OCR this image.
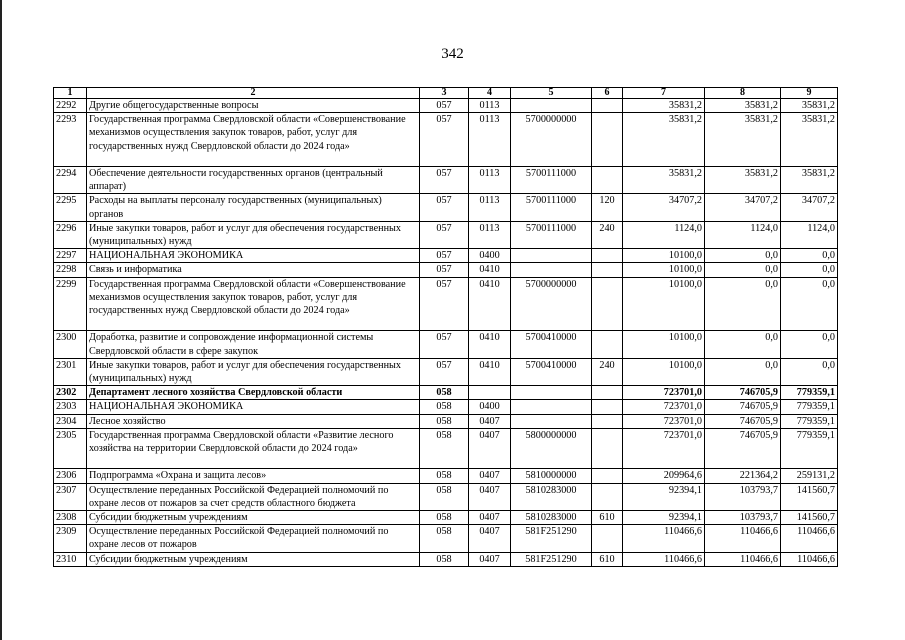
342
1	2	3	4	5	6	7	8	9
2292	Другие общегосударственные вопросы	057	0113			35831,2	35831,2	35831,2
2293	Государственная программа Свердловской области «Совершенствование механизмов осуществления закупок товаров, работ, услуг для государственных нужд Свердловской области до 2024 года»	057	0113	5700000000		35831,2	35831,2	35831,2
2294	Обеспечение деятельности государственных органов (центральный аппарат)	057	0113	5700111000		35831,2	35831,2	35831,2
2295	Расходы на выплаты персоналу государственных (муниципальных) органов	057	0113	5700111000	120	34707,2	34707,2	34707,2
2296	Иные закупки товаров, работ и услуг для обеспечения государственных (муниципальных) нужд	057	0113	5700111000	240	1124,0	1124,0	1124,0
2297	НАЦИОНАЛЬНАЯ ЭКОНОМИКА	057	0400			10100,0	0,0	0,0
2298	Связь и информатика	057	0410			10100,0	0,0	0,0
2299	Государственная программа Свердловской области «Совершенствование механизмов осуществления закупок товаров, работ, услуг для государственных нужд Свердловской области до 2024 года»	057	0410	5700000000		10100,0	0,0	0,0
2300	Доработка, развитие и сопровождение информационной системы Свердловской области в сфере закупок	057	0410	5700410000		10100,0	0,0	0,0
2301	Иные закупки товаров, работ и услуг для обеспечения государственных (муниципальных) нужд	057	0410	5700410000	240	10100,0	0,0	0,0
2302	Департамент лесного хозяйства Свердловской области	058				723701,0	746705,9	779359,1
2303	НАЦИОНАЛЬНАЯ ЭКОНОМИКА	058	0400			723701,0	746705,9	779359,1
2304	Лесное хозяйство	058	0407			723701,0	746705,9	779359,1
2305	Государственная программа Свердловской области «Развитие лесного хозяйства на территории Свердловской области до 2024 года»	058	0407	5800000000		723701,0	746705,9	779359,1
2306	Подпрограмма «Охрана и защита лесов»	058	0407	5810000000		209964,6	221364,2	259131,2
2307	Осуществление переданных Российской Федерацией полномочий по охране лесов от пожаров за счет средств областного бюджета	058	0407	5810283000		92394,1	103793,7	141560,7
2308	Субсидии бюджетным учреждениям	058	0407	5810283000	610	92394,1	103793,7	141560,7
2309	Осуществление переданных Российской Федерацией полномочий по охране лесов от пожаров	058	0407	581F251290		110466,6	110466,6	110466,6
2310	Субсидии бюджетным учреждениям	058	0407	581F251290	610	110466,6	110466,6	110466,6
